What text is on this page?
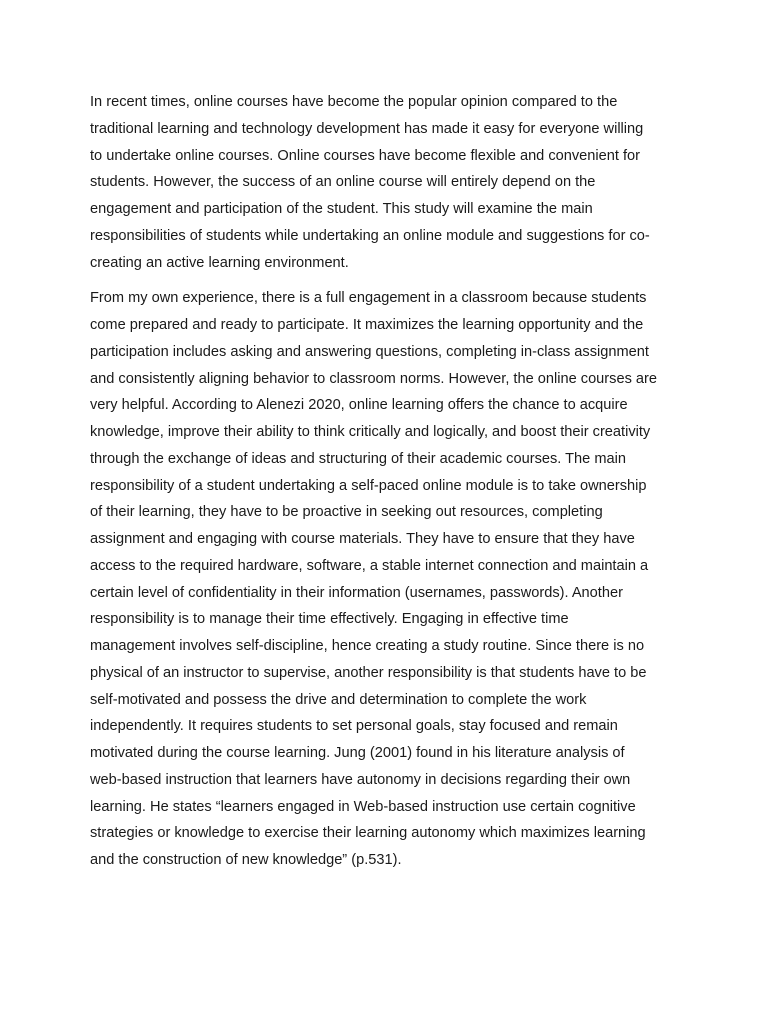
In recent times, online courses have become the popular opinion compared to the
traditional learning and technology development has made it easy for everyone willing
to undertake online courses. Online courses have become flexible and convenient for
students. However, the success of an online course will entirely depend on the
engagement and participation of the student. This study will examine the main
responsibilities of students while undertaking an online module and suggestions for co-
creating an active learning environment.

From my own experience, there is a full engagement in a classroom because students
come prepared and ready to participate. It maximizes the learning opportunity and the
participation includes asking and answering questions, completing in-class assignment
and consistently aligning behavior to classroom norms. However, the online courses are
very helpful. According to Alenezi 2020, online learning offers the chance to acquire
knowledge, improve their ability to think critically and logically, and boost their creativity
through the exchange of ideas and structuring of their academic courses. The main
responsibility of a student undertaking a self-paced online module is to take ownership
of their learning, they have to be proactive in seeking out resources, completing
assignment and engaging with course materials. They have to ensure that they have
access to the required hardware, software, a stable internet connection and maintain a
certain level of confidentiality in their information (usernames, passwords). Another
responsibility is to manage their time effectively. Engaging in effective time
management involves self-discipline, hence creating a study routine. Since there is no
physical of an instructor to supervise, another responsibility is that students have to be
self-motivated and possess the drive and determination to complete the work
independently. It requires students to set personal goals, stay focused and remain
motivated during the course learning. Jung (2001) found in his literature analysis of
web-based instruction that learners have autonomy in decisions regarding their own
learning. He states “learners engaged in Web-based instruction use certain cognitive
strategies or knowledge to exercise their learning autonomy which maximizes learning
and the construction of new knowledge” (p.531).
